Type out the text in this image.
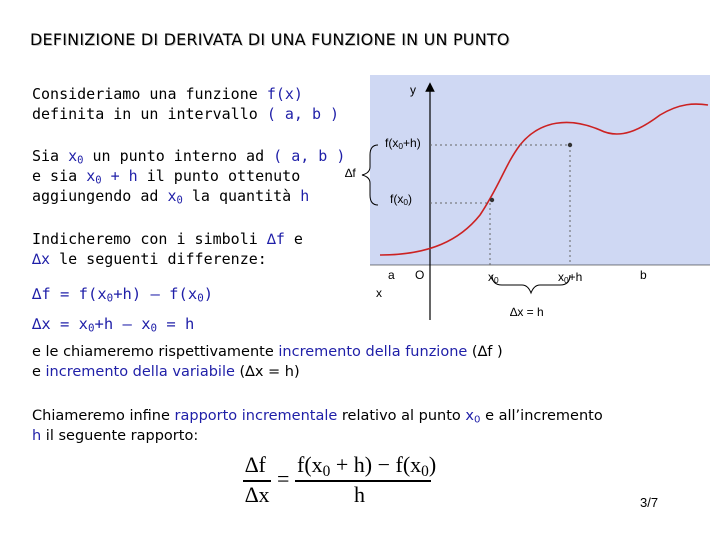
DEFINIZIONE DI DERIVATA DI UNA FUNZIONE IN UN PUNTO
Consideriamo una funzione f(x)
definita in un intervallo ( a, b )
Sia $x_0$ un punto interno ad ( a, b )
e sia $x_0 + h$ il punto ottenuto
aggiungendo ad $x_0$ la quantità h
Indicheremo con i simboli ∆f e
∆x le seguenti differenze:
$\Delta f = f(x_0+h) - f(x_0)$
$\Delta x = x_0+h - x_0 = h$
e le chiameremo rispettivamente incremento della funzione (∆f )
e incremento della variabile (∆x = h)
Chiameremo infine rapporto incrementale relativo al punto $x_0$ e all’incremento
h il seguente rapporto:
∆f
∆x
=
$f(x_0 + h) - f(x_0)$
h
y
$f(x_0+h)$
$f(x_0)$
∆f
a O	$x_0$	$x_0+h$	b
x
∆x = h
3/7
